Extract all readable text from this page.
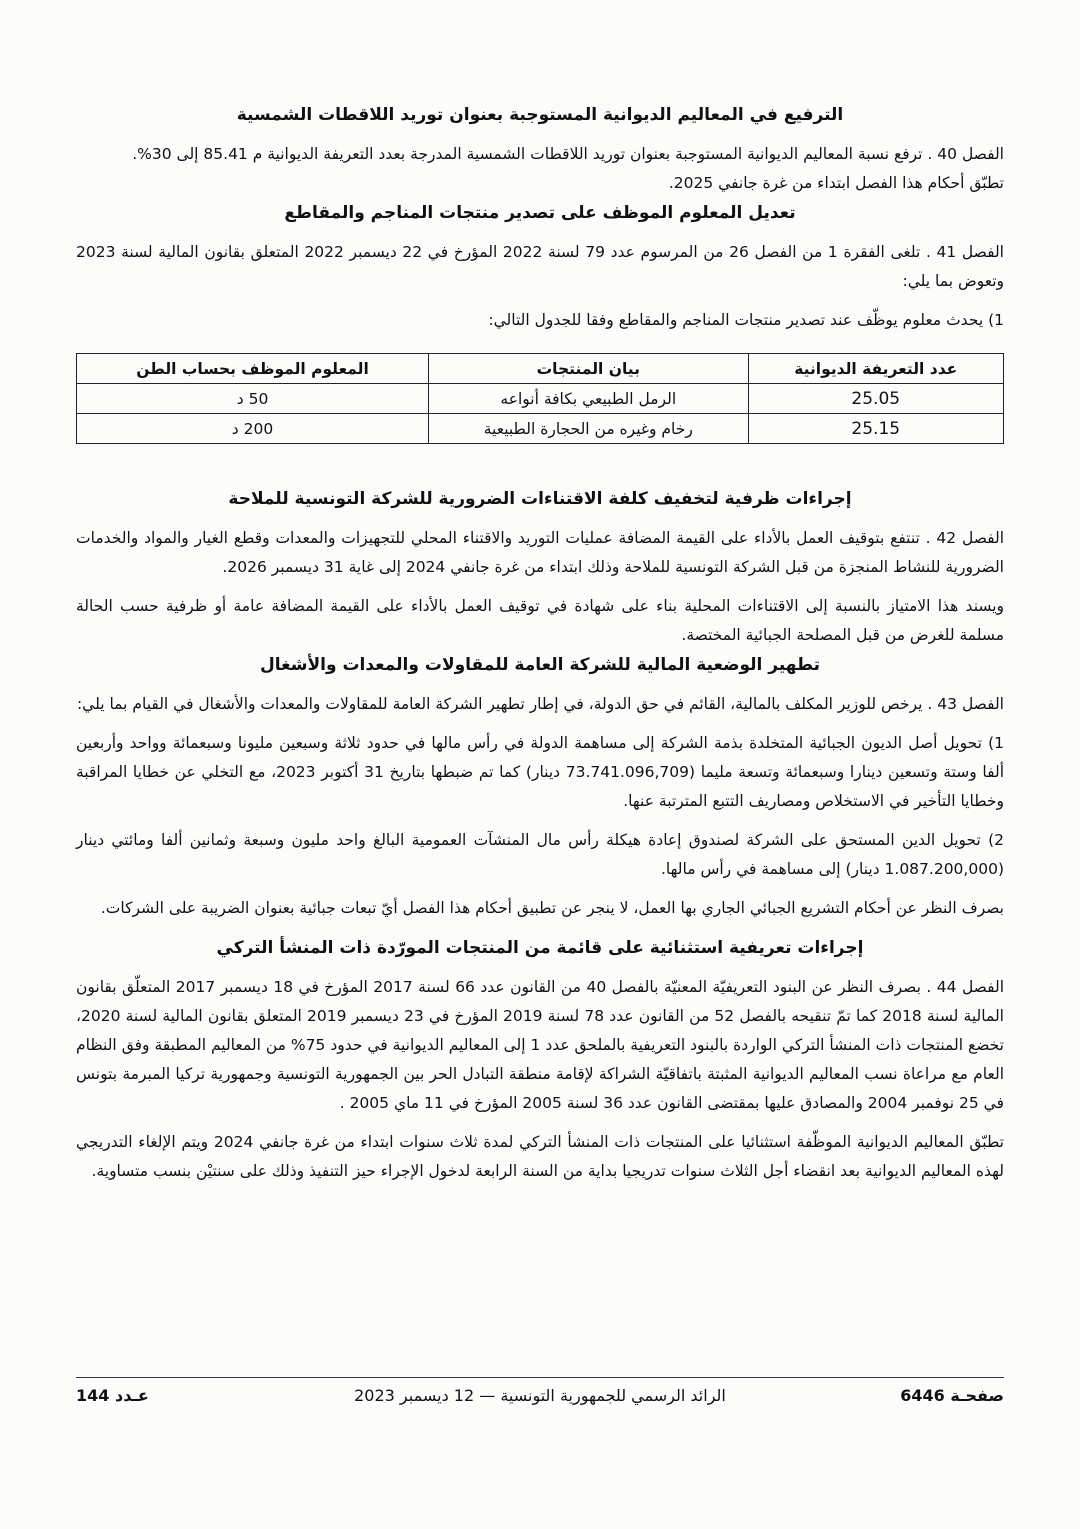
الترفيع في المعاليم الديوانية المستوجبة بعنوان توريد اللاقطات الشمسية

الفصل 40 . ترفع نسبة المعاليم الديوانية المستوجبة بعنوان توريد اللاقطات الشمسية المدرجة بعدد التعريفة الديوانية م 85.41 إلى 30%.

تطبّق أحكام هذا الفصل ابتداء من غرة جانفي 2025.

تعديل المعلوم الموظف على تصدير منتجات المناجم والمقاطع

الفصل 41 . تلغى الفقرة 1 من الفصل 26 من المرسوم عدد 79 لسنة 2022 المؤرخ في 22 ديسمبر 2022 المتعلق بقانون المالية لسنة 2023 وتعوض بما يلي:

1) يحدث معلوم يوظّف عند تصدير منتجات المناجم والمقاطع وفقا للجدول التالي:

عدد التعريفة الديوانية	بيان المنتجات	المعلوم الموظف بحساب الطن
25.05	الرمل الطبيعي بكافة أنواعه	50 د
25.15	رخام وغيره من الحجارة الطبيعية	200 د
إجراءات ظرفية لتخفيف كلفة الاقتناءات الضرورية للشركة التونسية للملاحة

الفصل 42 . تنتفع بتوقيف العمل بالأداء على القيمة المضافة عمليات التوريد والاقتناء المحلي للتجهيزات والمعدات وقطع الغيار والمواد والخدمات الضرورية للنشاط المنجزة من قبل الشركة التونسية للملاحة وذلك ابتداء من غرة جانفي 2024 إلى غاية 31 ديسمبر 2026.

ويسند هذا الامتياز بالنسبة إلى الاقتناءات المحلية بناء على شهادة في توقيف العمل بالأداء على القيمة المضافة عامة أو ظرفية حسب الحالة مسلمة للغرض من قبل المصلحة الجبائية المختصة.

تطهير الوضعية المالية للشركة العامة للمقاولات والمعدات والأشغال

الفصل 43 . يرخص للوزير المكلف بالمالية، القائم في حق الدولة، في إطار تطهير الشركة العامة للمقاولات والمعدات والأشغال في القيام بما يلي:

1) تحويل أصل الديون الجبائية المتخلدة بذمة الشركة إلى مساهمة الدولة في رأس مالها في حدود ثلاثة وسبعين مليونا وسبعمائة وواحد وأربعين ألفا وستة وتسعين دينارا وسبعمائة وتسعة مليما (73.741.096,709 دينار) كما تم ضبطها بتاريخ 31 أكتوبر 2023، مع التخلي عن خطايا المراقبة وخطايا التأخير في الاستخلاص ومصاريف التتبع المترتبة عنها.

2) تحويل الدين المستحق على الشركة لصندوق إعادة هيكلة رأس مال المنشآت العمومية البالغ واحد مليون وسبعة وثمانين ألفا ومائتي دينار (1.087.200,000 دينار) إلى مساهمة في رأس مالها.

بصرف النظر عن أحكام التشريع الجبائي الجاري بها العمل، لا ينجر عن تطبيق أحكام هذا الفصل أيّ تبعات جبائية بعنوان الضريبة على الشركات.

إجراءات تعريفية استثنائية على قائمة من المنتجات المورّدة ذات المنشأ التركي

الفصل 44 . بصرف النظر عن البنود التعريفيّة المعنيّة بالفصل 40 من القانون عدد 66 لسنة 2017 المؤرخ في 18 ديسمبر 2017 المتعلّق بقانون المالية لسنة 2018 كما تمّ تنقيحه بالفصل 52 من القانون عدد 78 لسنة 2019 المؤرخ في 23 ديسمبر 2019 المتعلق بقانون المالية لسنة 2020، تخضع المنتجات ذات المنشأ التركي الواردة بالبنود التعريفية بالملحق عدد 1 إلى المعاليم الديوانية في حدود 75% من المعاليم المطبقة وفق النظام العام مع مراعاة نسب المعاليم الديوانية المثبتة باتفاقيّة الشراكة لإقامة منطقة التبادل الحر بين الجمهورية التونسية وجمهورية تركيا المبرمة بتونس في 25 نوفمبر 2004 والمصادق عليها بمقتضى القانون عدد 36 لسنة 2005 المؤرخ في 11 ماي 2005 .

تطبّق المعاليم الديوانية الموظّفة استثنائيا على المنتجات ذات المنشأ التركي لمدة ثلاث سنوات ابتداء من غرة جانفي 2024 ويتم الإلغاء التدريجي لهذه المعاليم الديوانية بعد انقضاء أجل الثلاث سنوات تدريجيا بداية من السنة الرابعة لدخول الإجراء حيز التنفيذ وذلك على سنتيْن بنسب متساوية.

صفحـة 6446
الرائد الرسمي للجمهورية التونسية — 12 ديسمبر 2023
عـدد 144
